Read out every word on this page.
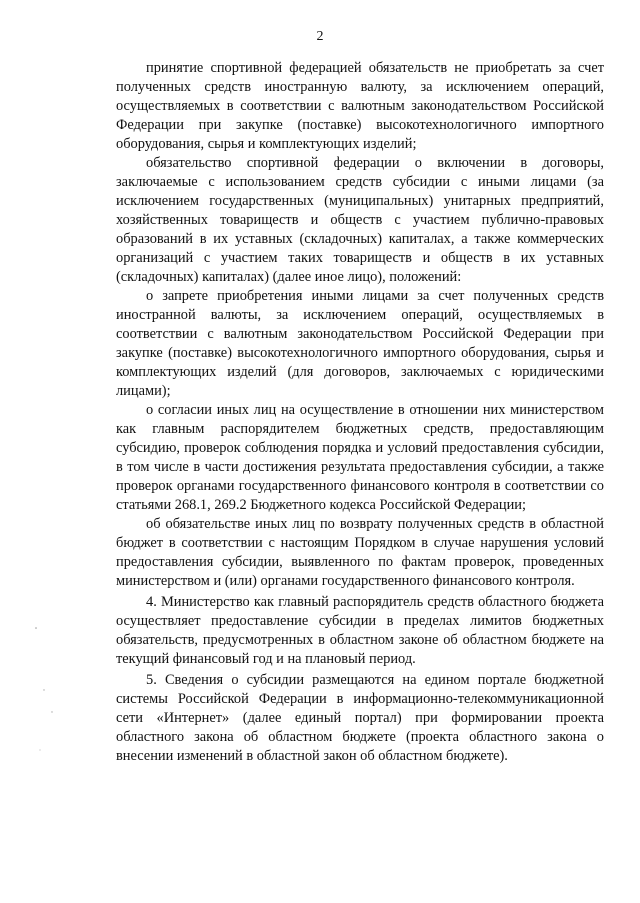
2

принятие спортивной федерацией обязательств не приобретать за счет полученных средств иностранную валюту, за исключением операций, осуществляемых в соответствии с валютным законодательством Российской Федерации при закупке (поставке) высокотехнологичного импортного оборудования, сырья и комплектующих изделий;

обязательство спортивной федерации о включении в договоры, заключаемые с использованием средств субсидии с иными лицами (за исключением государственных (муниципальных) унитарных предприятий, хозяйственных товариществ и обществ с участием публично-правовых образований в их уставных (складочных) капиталах, а также коммерческих организаций с участием таких товариществ и обществ в их уставных (складочных) капиталах) (далее иное лицо), положений:

о запрете приобретения иными лицами за счет полученных средств иностранной валюты, за исключением операций, осуществляемых в соответствии с валютным законодательством Российской Федерации при закупке (поставке) высокотехнологичного импортного оборудования, сырья и комплектующих изделий (для договоров, заключаемых с юридическими лицами);

о согласии иных лиц на осуществление в отношении них министерством как главным распорядителем бюджетных средств, предоставляющим субсидию, проверок соблюдения порядка и условий предоставления субсидии, в том числе в части достижения результата предоставления субсидии, а также проверок органами государственного финансового контроля в соответствии со статьями 268.1, 269.2 Бюджетного кодекса Российской Федерации;

об обязательстве иных лиц по возврату полученных средств в областной бюджет в соответствии с настоящим Порядком в случае нарушения условий предоставления субсидии, выявленного по фактам проверок, проведенных министерством и (или) органами государственного финансового контроля.

4. Министерство как главный распорядитель средств областного бюджета осуществляет предоставление субсидии в пределах лимитов бюджетных обязательств, предусмотренных в областном законе об областном бюджете на текущий финансовый год и на плановый период.

5. Сведения о субсидии размещаются на едином портале бюджетной системы Российской Федерации в информационно-телекоммуникационной сети «Интернет» (далее единый портал) при формировании проекта областного закона об областном бюджете (проекта областного закона о внесении изменений в областной закон об областном бюджете).
